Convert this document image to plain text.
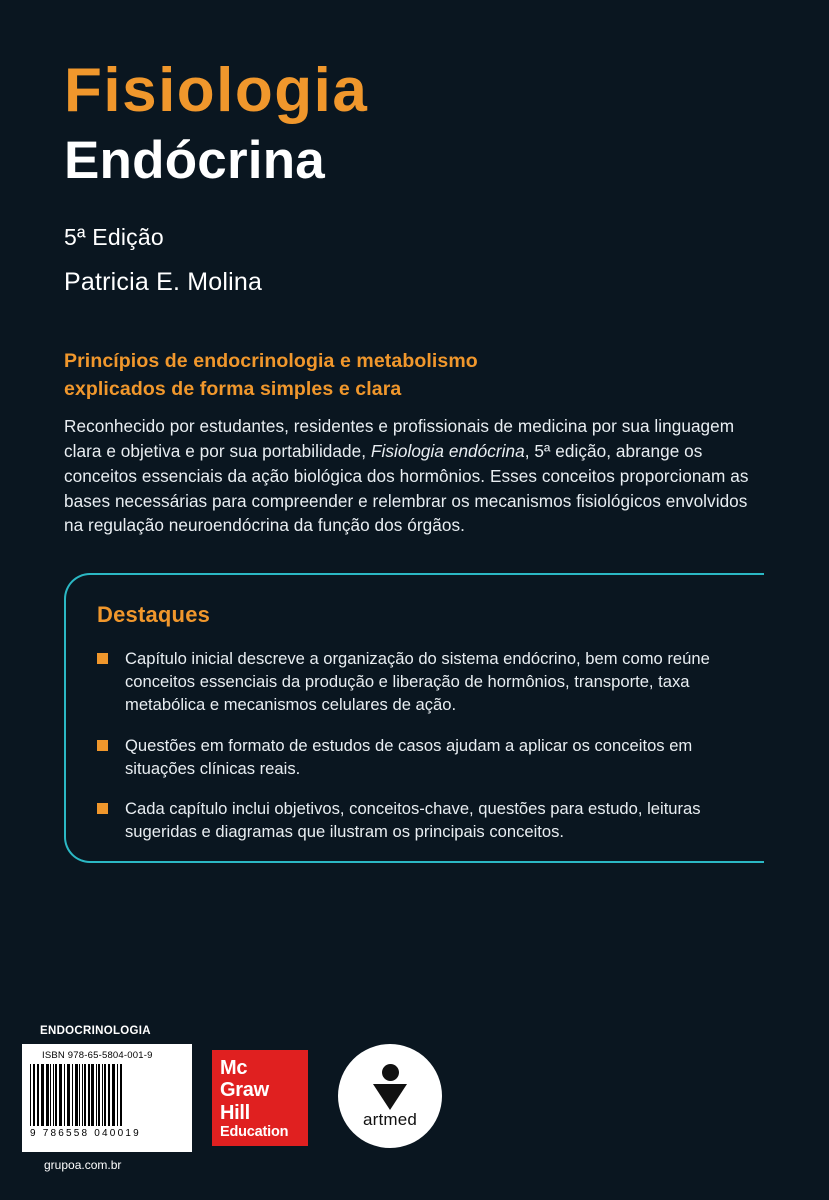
Fisiologia
Endócrina
5ª Edição
Patricia E. Molina
Princípios de endocrinologia e metabolismo
explicados de forma simples e clara
Reconhecido por estudantes, residentes e profissionais de medicina por sua linguagem clara e objetiva e por sua portabilidade, Fisiologia endócrina, 5ª edição, abrange os conceitos essenciais da ação biológica dos hormônios. Esses conceitos proporcionam as bases necessárias para compreender e relembrar os mecanismos fisiológicos envolvidos na regulação neuroendócrina da função dos órgãos.
Destaques
Capítulo inicial descreve a organização do sistema endócrino, bem como reúne conceitos essenciais da produção e liberação de hormônios, transporte, taxa metabólica e mecanismos celulares de ação.
Questões em formato de estudos de casos ajudam a aplicar os conceitos em situações clínicas reais.
Cada capítulo inclui objetivos, conceitos-chave, questões para estudo, leituras sugeridas e diagramas que ilustram os principais conceitos.
ENDOCRINOLOGIA
ISBN 978-65-5804-001-9
9 786558 040019
grupoa.com.br
Mc
Graw
Hill
Education
artmed
